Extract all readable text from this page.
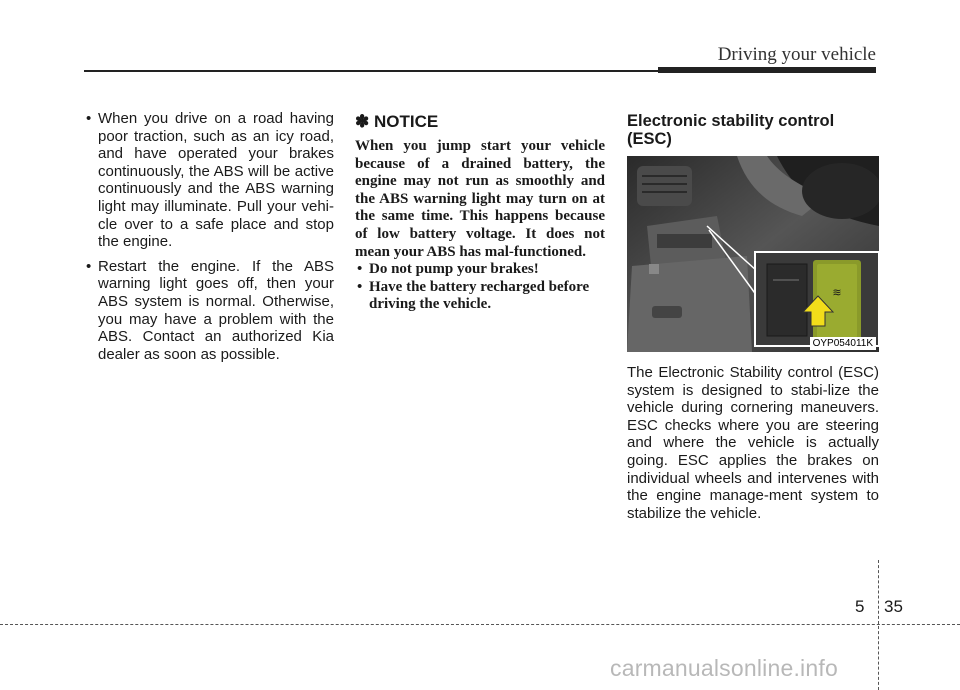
Driving your vehicle
• When you drive on a road having poor traction, such as an icy road, and have operated your brakes continuously, the ABS will be active continuously and the ABS warning light may illuminate. Pull your vehi-cle over to a safe place and stop the engine.
• Restart the engine. If the ABS warning light goes off, then your ABS system is normal. Otherwise, you may have a problem with the ABS. Contact an authorized Kia dealer as soon as possible.
✽ NOTICE

When you jump start your vehicle because of a drained battery, the engine may not run as smoothly and the ABS warning light may turn on at the same time. This happens because of low battery voltage. It does not mean your ABS has mal-functioned.

• Do not pump your brakes!
• Have the battery recharged before driving the vehicle.
Electronic stability control (ESC)
≋
OYP054011K

The Electronic Stability control (ESC) system is designed to stabi-lize the vehicle during cornering maneuvers. ESC checks where you are steering and where the vehicle is actually going. ESC applies the brakes on individual wheels and intervenes with the engine manage-ment system to stabilize the vehicle.

5 35
carmanualsonline.info
